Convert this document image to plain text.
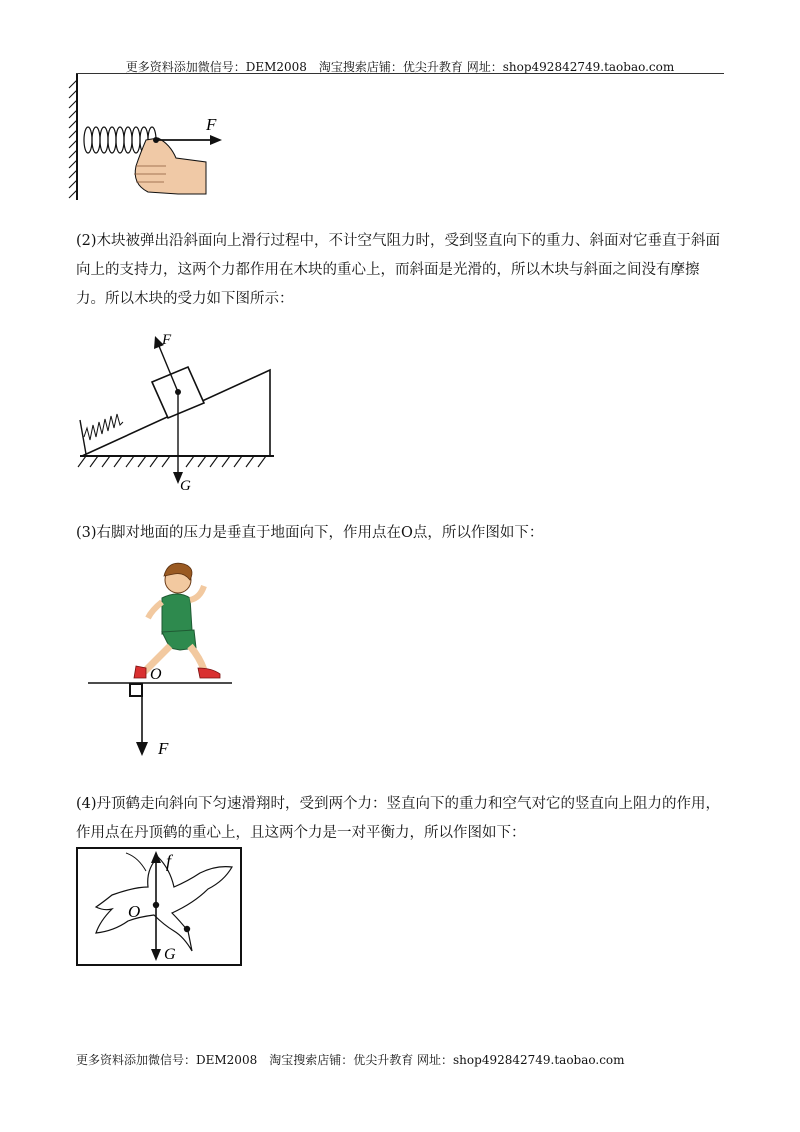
更多资料添加微信号：DEM2008　淘宝搜索店铺：优尖升教育 网址：shop492842749.taobao.com
F
(2)木块被弹出沿斜面向上滑行过程中，不计空气阻力时，受到竖直向下的重力、斜面对它垂直于斜面向上的支持力，这两个力都作用在木块的重心上，而斜面是光滑的，所以木块与斜面之间没有摩擦力。所以木块的受力如下图所示：
F
G
(3)右脚对地面的压力是垂直于地面向下，作用点在O点，所以作图如下：
O
F
(4)丹顶鹤走向斜向下匀速滑翔时，受到两个力：竖直向下的重力和空气对它的竖直向上阻力的作用，作用点在丹顶鹤的重心上，且这两个力是一对平衡力，所以作图如下：
f
O
G
更多资料添加微信号：DEM2008　淘宝搜索店铺：优尖升教育 网址：shop492842749.taobao.com
